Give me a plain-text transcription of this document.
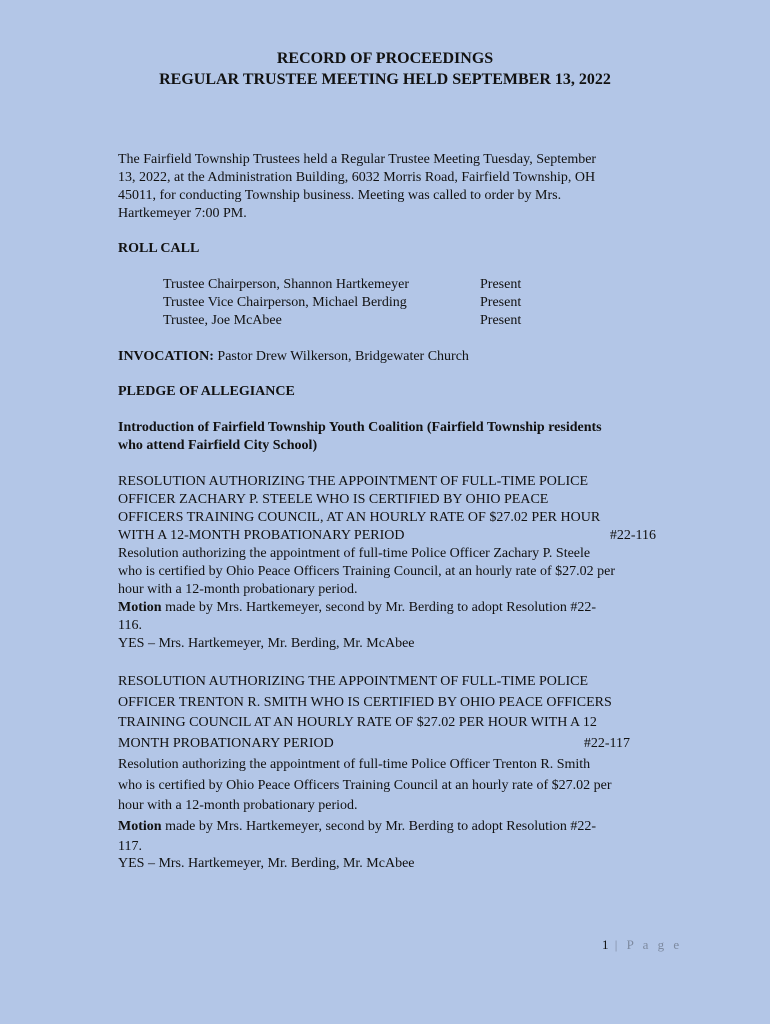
RECORD OF PROCEEDINGS
REGULAR TRUSTEE MEETING HELD SEPTEMBER 13, 2022
The Fairfield Township Trustees held a Regular Trustee Meeting Tuesday, September
13, 2022, at the Administration Building, 6032 Morris Road, Fairfield Township, OH
45011, for conducting Township business. Meeting was called to order by Mrs.
Hartkemeyer 7:00 PM.
ROLL CALL
Trustee Chairperson, Shannon Hartkemeyer	Present
Trustee Vice Chairperson, Michael Berding	Present
Trustee, Joe McAbee	Present
INVOCATION: Pastor Drew Wilkerson, Bridgewater Church
PLEDGE OF ALLEGIANCE
Introduction of Fairfield Township Youth Coalition (Fairfield Township residents
who attend Fairfield City School)
RESOLUTION AUTHORIZING THE APPOINTMENT OF FULL-TIME POLICE
OFFICER ZACHARY P. STEELE WHO IS CERTIFIED BY OHIO PEACE
OFFICERS TRAINING COUNCIL, AT AN HOURLY RATE OF $27.02 PER HOUR
WITH A 12-MONTH PROBATIONARY PERIOD	#22-116
Resolution authorizing the appointment of full-time Police Officer Zachary P. Steele
who is certified by Ohio Peace Officers Training Council, at an hourly rate of $27.02 per
hour with a 12-month probationary period.
Motion made by Mrs. Hartkemeyer, second by Mr. Berding to adopt Resolution #22-
116.
YES – Mrs. Hartkemeyer, Mr. Berding, Mr. McAbee
RESOLUTION AUTHORIZING THE APPOINTMENT OF FULL-TIME POLICE
OFFICER TRENTON R. SMITH WHO IS CERTIFIED BY OHIO PEACE OFFICERS
TRAINING COUNCIL AT AN HOURLY RATE OF $27.02 PER HOUR WITH A 12
MONTH PROBATIONARY PERIOD	#22-117
Resolution authorizing the appointment of full-time Police Officer Trenton R. Smith
who is certified by Ohio Peace Officers Training Council at an hourly rate of $27.02 per
hour with a 12-month probationary period.
Motion made by Mrs. Hartkemeyer, second by Mr. Berding to adopt Resolution #22-
117.
YES – Mrs. Hartkemeyer, Mr. Berding, Mr. McAbee
1 | P a g e
